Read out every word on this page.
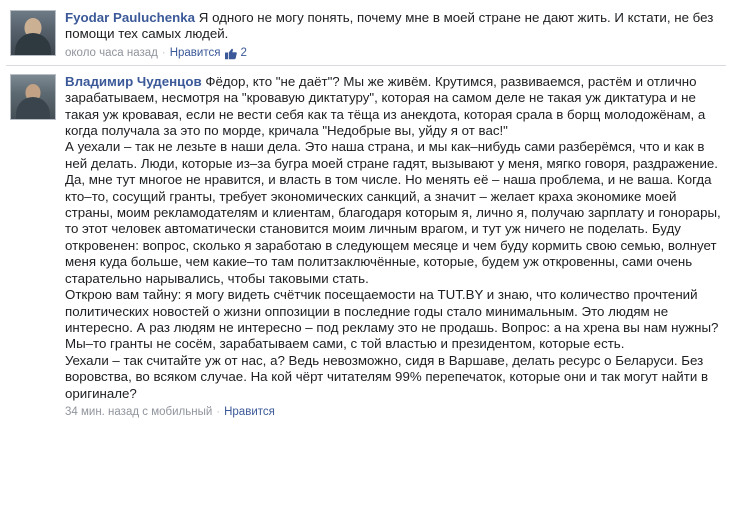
Fyodar Pauluchenka Я одного не могу понять, почему мне в моей стране не дают жить. И кстати, не без помощи тех самых людей.
около часа назад · Нравится 2
Владимир Чуденцов Фёдор, кто "не даёт"? Мы же живём. Крутимся, развиваемся, растём и отлично зарабатываем, несмотря на "кровавую диктатуру", которая на самом деле не такая уж диктатура и не такая уж кровавая, если не вести себя как та тёща из анекдота, которая срала в борщ молодожёнам, а когда получала за это по морде, кричала "Недобрые вы, уйду я от вас!"
А уехали – так не лезьте в наши дела. Это наша страна, и мы как–нибудь сами разберёмся, что и как в ней делать. Люди, которые из–за бугра моей стране гадят, вызывают у меня, мягко говоря, раздражение. Да, мне тут многое не нравится, и власть в том числе. Но менять её – наша проблема, и не ваша. Когда кто–то, сосущий гранты, требует экономических санкций, а значит – желает краха экономике моей страны, моим рекламодателям и клиентам, благодаря которым я, лично я, получаю зарплату и гонорары, то этот человек автоматически становится моим личным врагом, и тут уж ничего не поделать. Буду откровенен: вопрос, сколько я заработаю в следующем месяце и чем буду кормить свою семью, волнует меня куда больше, чем какие–то там политзаключённые, которые, будем уж откровенны, сами очень старательно нарывались, чтобы таковыми стать.
Открою вам тайну: я могу видеть счётчик посещаемости на TUT.BY и знаю, что количество прочтений политических новостей о жизни оппозиции в последние годы стало минимальным. Это людям не интересно. А раз людям не интересно – под рекламу это не продашь. Вопрос: а на хрена вы нам нужны? Мы–то гранты не сосём, зарабатываем сами, с той властью и президентом, которые есть.
Уехали – так считайте уж от нас, а? Ведь невозможно, сидя в Варшаве, делать ресурс о Беларуси. Без воровства, во всяком случае. На кой чёрт читателям 99% перепечаток, которые они и так могут найти в оригинале?
34 мин. назад
с мобильный · Нравится
